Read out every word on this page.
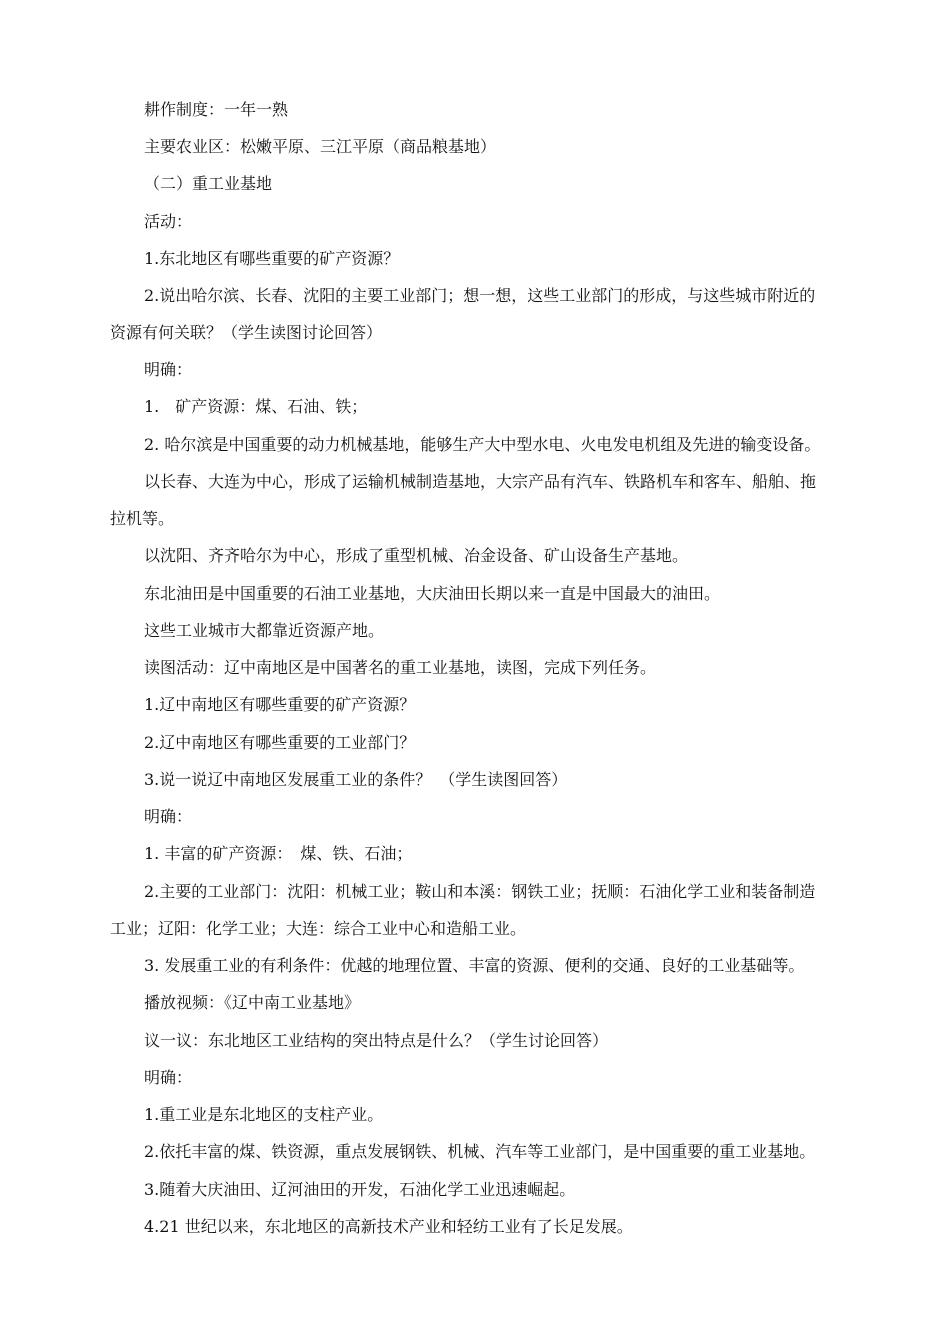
耕作制度：一年一熟
主要农业区：松嫩平原、三江平原（商品粮基地）
（二）重工业基地
活动：
1.东北地区有哪些重要的矿产资源？
2.说出哈尔滨、长春、沈阳的主要工业部门；想一想，这些工业部门的形成，与这些城市附近的
资源有何关联？（学生读图讨论回答）
明确：
1.　矿产资源：煤、石油、铁；
2. 哈尔滨是中国重要的动力机械基地，能够生产大中型水电、火电发电机组及先进的输变设备。
以长春、大连为中心，形成了运输机械制造基地，大宗产品有汽车、铁路机车和客车、船舶、拖
拉机等。
以沈阳、齐齐哈尔为中心，形成了重型机械、冶金设备、矿山设备生产基地。
东北油田是中国重要的石油工业基地，大庆油田长期以来一直是中国最大的油田。
这些工业城市大都靠近资源产地。
读图活动：辽中南地区是中国著名的重工业基地，读图，完成下列任务。
1.辽中南地区有哪些重要的矿产资源？
2.辽中南地区有哪些重要的工业部门？
3.说一说辽中南地区发展重工业的条件？　（学生读图回答）
明确：
1. 丰富的矿产资源：　煤、铁、石油；
2.主要的工业部门：沈阳：机械工业；鞍山和本溪：钢铁工业；抚顺：石油化学工业和装备制造
工业；辽阳：化学工业；大连：综合工业中心和造船工业。
3. 发展重工业的有利条件：优越的地理位置、丰富的资源、便利的交通、良好的工业基础等。
播放视频：《辽中南工业基地》
议一议：东北地区工业结构的突出特点是什么？（学生讨论回答）
明确：
1.重工业是东北地区的支柱产业。
2.依托丰富的煤、铁资源，重点发展钢铁、机械、汽车等工业部门，是中国重要的重工业基地。
3.随着大庆油田、辽河油田的开发，石油化学工业迅速崛起。
4.21 世纪以来，东北地区的高新技术产业和轻纺工业有了长足发展。
